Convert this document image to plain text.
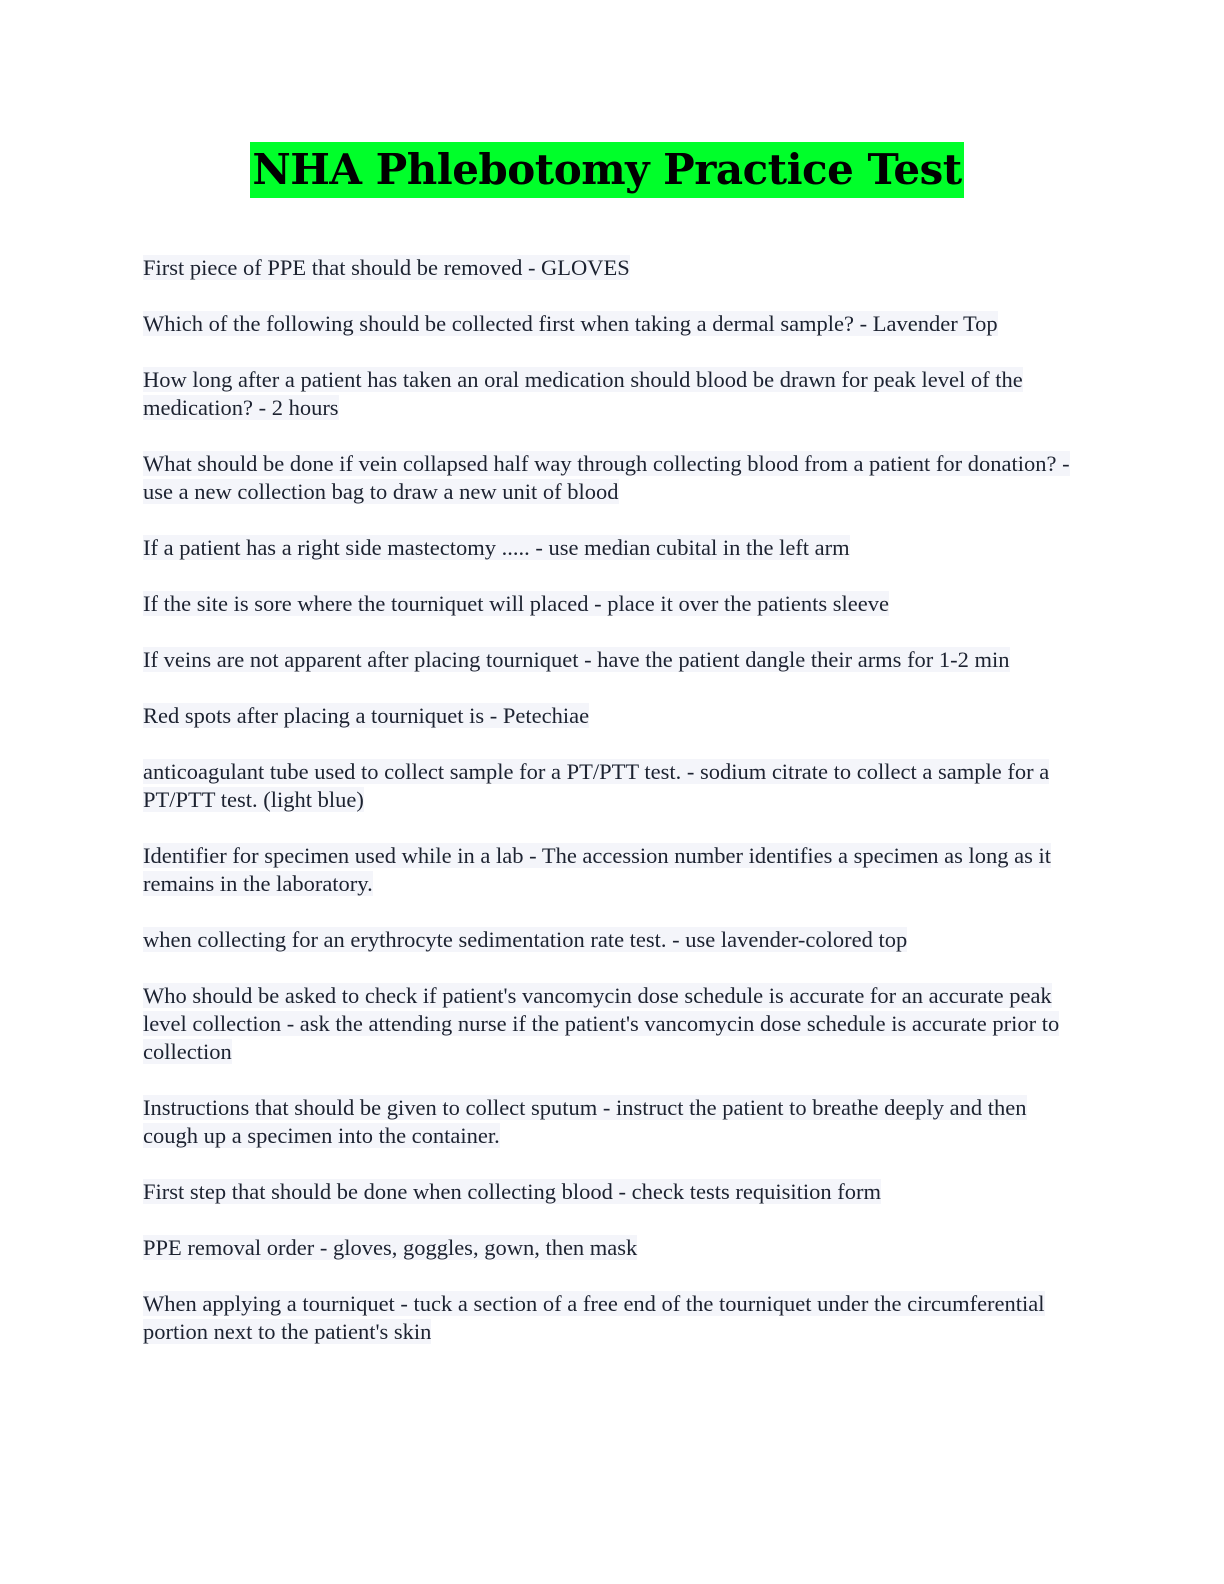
NHA Phlebotomy Practice Test

First piece of PPE that should be removed - GLOVES

Which of the following should be collected first when taking a dermal sample? - Lavender Top

How long after a patient has taken an oral medication should blood be drawn for peak level of the medication? - 2 hours

What should be done if vein collapsed half way through collecting blood from a patient for donation? - use a new collection bag to draw a new unit of blood

If a patient has a right side mastectomy ..... - use median cubital in the left arm

If the site is sore where the tourniquet will placed - place it over the patients sleeve

If veins are not apparent after placing tourniquet - have the patient dangle their arms for 1-2 min

Red spots after placing a tourniquet is - Petechiae

anticoagulant tube used to collect sample for a PT/PTT test. - sodium citrate to collect a sample for a PT/PTT test. (light blue)

Identifier for specimen used while in a lab - The accession number identifies a specimen as long as it remains in the laboratory.

when collecting for an erythrocyte sedimentation rate test. - use lavender-colored top

Who should be asked to check if patient's vancomycin dose schedule is accurate for an accurate peak level collection - ask the attending nurse if the patient's vancomycin dose schedule is accurate prior to collection

Instructions that should be given to collect sputum - instruct the patient to breathe deeply and then cough up a specimen into the container.

First step that should be done when collecting blood - check tests requisition form

PPE removal order - gloves, goggles, gown, then mask

When applying a tourniquet - tuck a section of a free end of the tourniquet under the circumferential portion next to the patient's skin
